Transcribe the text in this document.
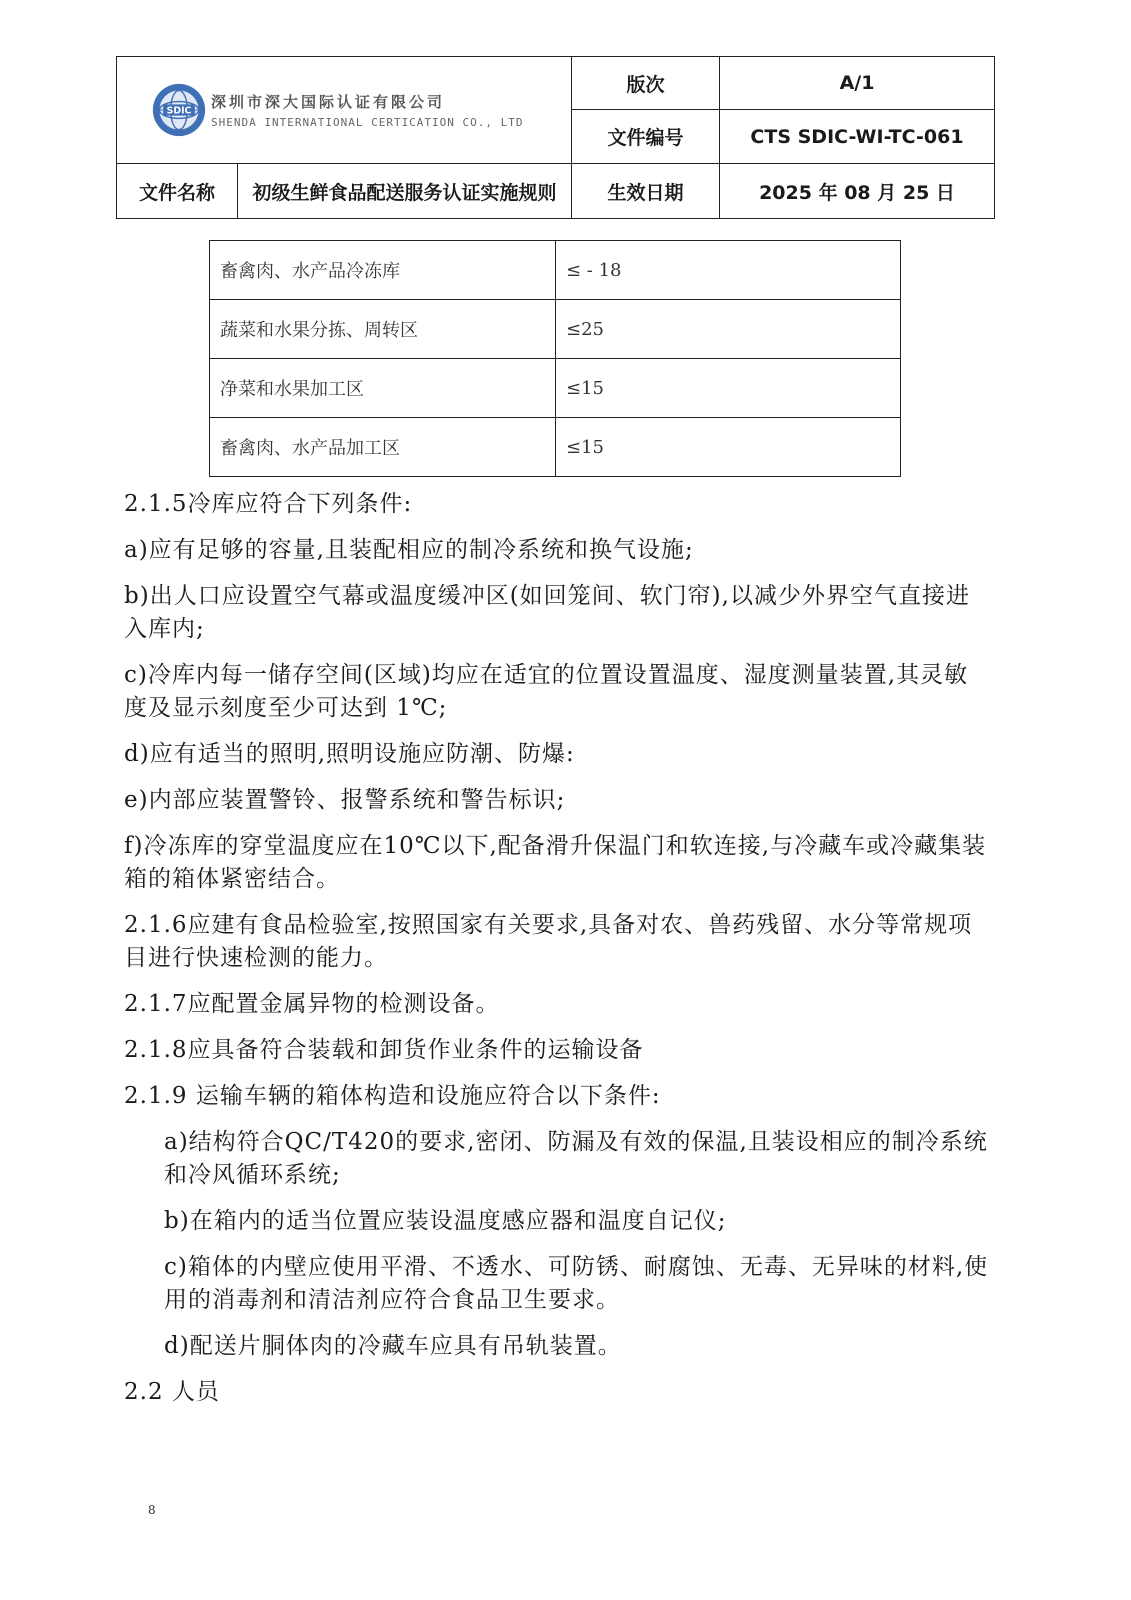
SDIC
深圳市深大国际认证有限公司
SHENDA INTERNATIONAL CERTICATION CO., LTD		版次	A/1
		文件编号	CTS SDIC-WI-TC-061
文件名称	初级生鲜食品配送服务认证实施规则	生效日期	2025 年 08 月 25 日
畜禽肉、水产品冷冻库	≤ - 18
蔬菜和水果分拣、周转区	≤25
净菜和水果加工区	≤15
畜禽肉、水产品加工区	≤15

2.1.5冷库应符合下列条件:

a)应有足够的容量,且装配相应的制冷系统和换气设施;

b)出人口应设置空气幕或温度缓冲区(如回笼间、软门帘),以减少外界空气直接进入库内;

c)冷库内每一储存空间(区域)均应在适宜的位置设置温度、湿度测量装置,其灵敏度及显示刻度至少可达到 1℃;

d)应有适当的照明,照明设施应防潮、防爆:

e)内部应装置警铃、报警系统和警告标识;

f)冷冻库的穿堂温度应在10℃以下,配备滑升保温门和软连接,与冷藏车或冷藏集装箱的箱体紧密结合。

2.1.6应建有食品检验室,按照国家有关要求,具备对农、兽药残留、水分等常规项目进行快速检测的能力。

2.1.7应配置金属异物的检测设备。

2.1.8应具备符合装载和卸货作业条件的运输设备

2.1.9 运输车辆的箱体构造和设施应符合以下条件:

a)结构符合QC/T420的要求,密闭、防漏及有效的保温,且装设相应的制冷系统和冷风循环系统;

b)在箱内的适当位置应装设温度感应器和温度自记仪;

c)箱体的内壁应使用平滑、不透水、可防锈、耐腐蚀、无毒、无异味的材料,使用的消毒剂和清洁剂应符合食品卫生要求。

d)配送片胴体肉的冷藏车应具有吊轨装置。

2.2 人员

8
